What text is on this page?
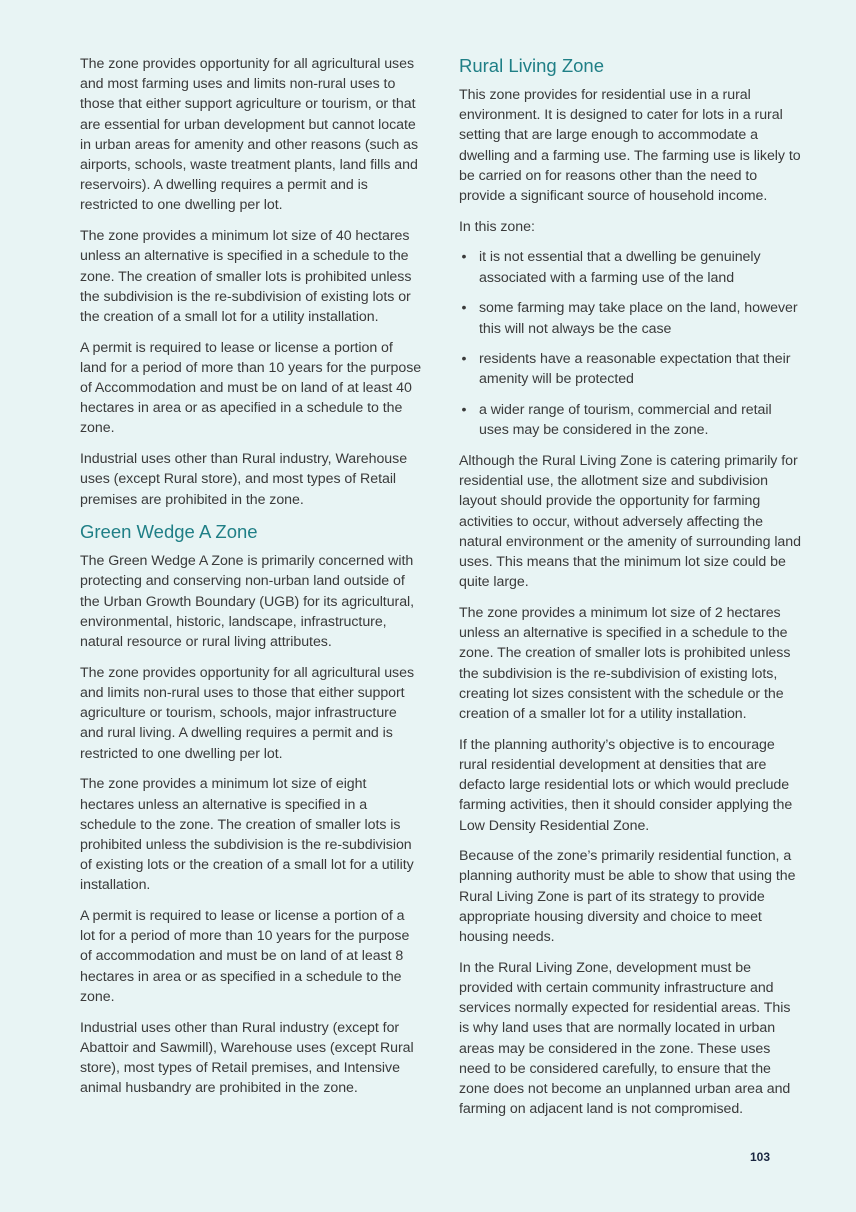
The zone provides opportunity for all agricultural uses and most farming uses and limits non-rural uses to those that either support agriculture or tourism, or that are essential for urban development but cannot locate in urban areas for amenity and other reasons (such as airports, schools, waste treatment plants, land fills and reservoirs). A dwelling requires a permit and is restricted to one dwelling per lot.

The zone provides a minimum lot size of 40 hectares unless an alternative is specified in a schedule to the zone. The creation of smaller lots is prohibited unless the subdivision is the re-subdivision of existing lots or the creation of a small lot for a utility installation.

A permit is required to lease or license a portion of land for a period of more than 10 years for the purpose of Accommodation and must be on land of at least 40 hectares in area or as apecified in a schedule to the zone.

Industrial uses other than Rural industry, Warehouse uses (except Rural store), and most types of Retail premises are prohibited in the zone.

Green Wedge A Zone

The Green Wedge A Zone is primarily concerned with protecting and conserving non-urban land outside of the Urban Growth Boundary (UGB) for its agricultural, environmental, historic, landscape, infrastructure, natural resource or rural living attributes.

The zone provides opportunity for all agricultural uses and limits non-rural uses to those that either support agriculture or tourism, schools, major infrastructure and rural living. A dwelling requires a permit and is restricted to one dwelling per lot.

The zone provides a minimum lot size of eight hectares unless an alternative is specified in a schedule to the zone. The creation of smaller lots is prohibited unless the subdivision is the re-subdivision of existing lots or the creation of a small lot for a utility installation.

A permit is required to lease or license a portion of a lot for a period of more than 10 years for the purpose of accommodation and must be on land of at least 8 hectares in area or as specified in a schedule to the zone.

Industrial uses other than Rural industry (except for Abattoir and Sawmill), Warehouse uses (except Rural store), most types of Retail premises, and Intensive animal husbandry are prohibited in the zone.

Rural Living Zone

This zone provides for residential use in a rural environment. It is designed to cater for lots in a rural setting that are large enough to accommodate a dwelling and a farming use. The farming use is likely to be carried on for reasons other than the need to provide a significant source of household income.

In this zone:

• it is not essential that a dwelling be genuinely associated with a farming use of the land
• some farming may take place on the land, however this will not always be the case
• residents have a reasonable expectation that their amenity will be protected
• a wider range of tourism, commercial and retail uses may be considered in the zone.

Although the Rural Living Zone is catering primarily for residential use, the allotment size and subdivision layout should provide the opportunity for farming activities to occur, without adversely affecting the natural environment or the amenity of surrounding land uses. This means that the minimum lot size could be quite large.

The zone provides a minimum lot size of 2 hectares unless an alternative is specified in a schedule to the zone. The creation of smaller lots is prohibited unless the subdivision is the re-subdivision of existing lots, creating lot sizes consistent with the schedule or the creation of a smaller lot for a utility installation.

If the planning authority’s objective is to encourage rural residential development at densities that are defacto large residential lots or which would preclude farming activities, then it should consider applying the Low Density Residential Zone.

Because of the zone’s primarily residential function, a planning authority must be able to show that using the Rural Living Zone is part of its strategy to provide appropriate housing diversity and choice to meet housing needs.

In the Rural Living Zone, development must be provided with certain community infrastructure and services normally expected for residential areas. This is why land uses that are normally located in urban areas may be considered in the zone. These uses need to be considered carefully, to ensure that the zone does not become an unplanned urban area and farming on adjacent land is not compromised.

103
